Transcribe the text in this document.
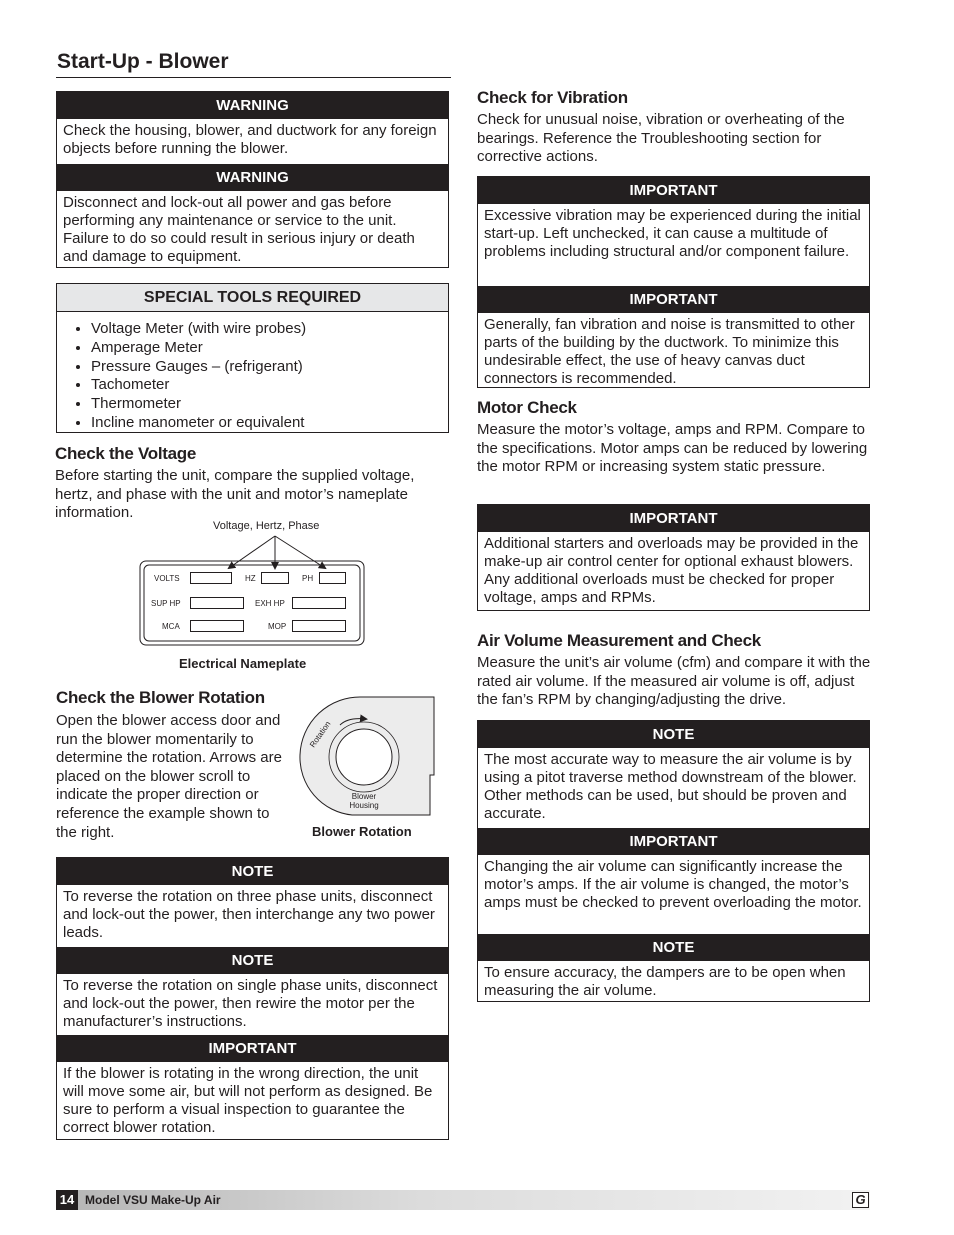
Start-Up - Blower
WARNING

Check the housing, blower, and ductwork for any foreign objects before running the blower.

WARNING

Disconnect and lock-out all power and gas before performing any maintenance or service to the unit. Failure to do so could result in serious injury or death and damage to equipment.

SPECIAL TOOLS REQUIRED
• Voltage Meter (with wire probes)
• Amperage Meter
• Pressure Gauges – (refrigerant)
• Tachometer
• Thermometer
• Incline manometer or equivalent
Check the Voltage

Before starting the unit, compare the supplied voltage, hertz, and phase with the unit and motor’s nameplate information.

Voltage, Hertz, Phase
VOLTS	HZ	PH
SUP HP	EXH HP
MCA	MOP
Electrical Nameplate
Check the Blower Rotation

Open the blower access door and run the blower momentarily to determine the rotation. Arrows are placed on the blower scroll to indicate the proper direction or reference the example shown to the right.

Rotation
Blower
Housing
Blower Rotation
NOTE

To reverse the rotation on three phase units, disconnect and lock-out the power, then interchange any two power leads.

NOTE

To reverse the rotation on single phase units, disconnect and lock-out the power, then rewire the motor per the manufacturer’s instructions.

IMPORTANT

If the blower is rotating in the wrong direction, the unit will move some air, but will not perform as designed. Be sure to perform a visual inspection to guarantee the correct blower rotation.

Check for Vibration

Check for unusual noise, vibration or overheating of the bearings. Reference the Troubleshooting section for corrective actions.

IMPORTANT

Excessive vibration may be experienced during the initial start-up. Left unchecked, it can cause a multitude of problems including structural and/or component failure.

IMPORTANT

Generally, fan vibration and noise is transmitted to other parts of the building by the ductwork. To minimize this undesirable effect, the use of heavy canvas duct connectors is recommended.

Motor Check

Measure the motor’s voltage, amps and RPM. Compare to the specifications. Motor amps can be reduced by lowering the motor RPM or increasing system static pressure.

IMPORTANT

Additional starters and overloads may be provided in the make-up air control center for optional exhaust blowers. Any additional overloads must be checked for proper voltage, amps and RPMs.

Air Volume Measurement and Check

Measure the unit’s air volume (cfm) and compare it with the rated air volume. If the measured air volume is off, adjust the fan’s RPM by changing/adjusting the drive.

NOTE

The most accurate way to measure the air volume is by using a pitot traverse method downstream of the blower. Other methods can be used, but should be proven and accurate.

IMPORTANT

Changing the air volume can significantly increase the motor’s amps. If the air volume is changed, the motor’s amps must be checked to prevent overloading the motor.

NOTE

To ensure accuracy, the dampers are to be open when measuring the air volume.

14 Model VSU Make-Up Air	G
